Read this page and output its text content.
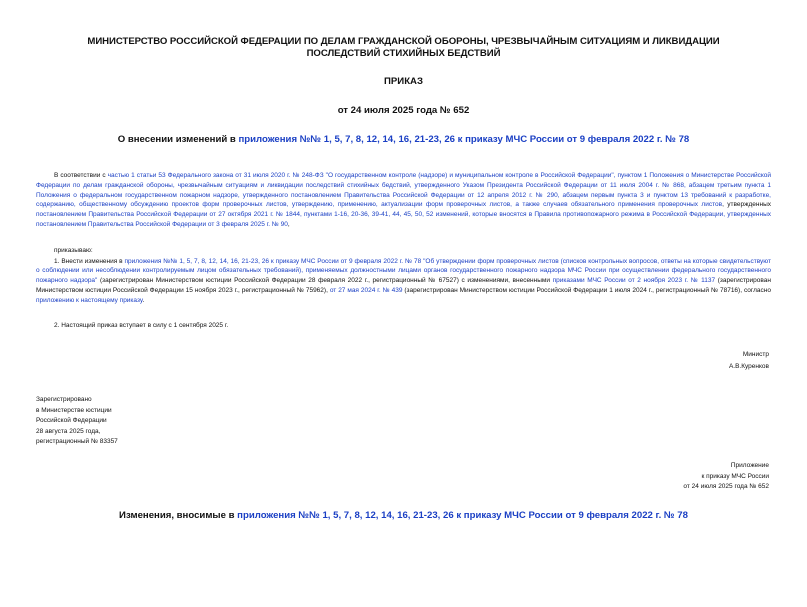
МИНИСТЕРСТВО РОССИЙСКОЙ ФЕДЕРАЦИИ ПО ДЕЛАМ ГРАЖДАНСКОЙ ОБОРОНЫ, ЧРЕЗВЫЧАЙНЫМ СИТУАЦИЯМ И ЛИКВИДАЦИИ ПОСЛЕДСТВИЙ СТИХИЙНЫХ БЕДСТВИЙ
ПРИКАЗ
от 24 июля 2025 года № 652
О внесении изменений в приложения №№ 1, 5, 7, 8, 12, 14, 16, 21-23, 26 к приказу МЧС России от 9 февраля 2022 г. № 78

В соответствии с частью 1 статьи 53 Федерального закона от 31 июля 2020 г. № 248-ФЗ "О государственном контроле (надзоре) и муниципальном контроле в Российской Федерации", пунктом 1 Положения о Министерстве Российской Федерации по делам гражданской обороны, чрезвычайным ситуациям и ликвидации последствий стихийных бедствий, утвержденного Указом Президента Российской Федерации от 11 июля 2004 г. № 868, абзацем третьим пункта 1 Положения о федеральном государственном пожарном надзоре, утвержденного постановлением Правительства Российской Федерации от 12 апреля 2012 г. № 290, абзацем первым пункта 3 и пунктом 13 требований к разработке, содержанию, общественному обсуждению проектов форм проверочных листов, утверждению, применению, актуализации форм проверочных листов, а также случаев обязательного применения проверочных листов, утвержденных постановлением Правительства Российской Федерации от 27 октября 2021 г. № 1844, пунктами 1-16, 20-36, 39-41, 44, 45, 50, 52 изменений, которые вносятся в Правила противопожарного режима в Российской Федерации, утвержденных постановлением Правительства Российской Федерации от 3 февраля 2025 г. № 90,

приказываю:

1. Внести изменения в приложения №№ 1, 5, 7, 8, 12, 14, 16, 21-23, 26 к приказу МЧС России от 9 февраля 2022 г. № 78 "Об утверждении форм проверочных листов (списков контрольных вопросов, ответы на которые свидетельствуют о соблюдении или несоблюдении контролируемым лицом обязательных требований), применяемых должностными лицами органов государственного пожарного надзора МЧС России при осуществлении федерального государственного пожарного надзора" (зарегистрирован Министерством юстиции Российской Федерации 28 февраля 2022 г., регистрационный № 67527) с изменениями, внесенными приказами МЧС России от 2 ноября 2023 г. № 1137 (зарегистрирован Министерством юстиции Российской Федерации 15 ноября 2023 г., регистрационный № 75962), от 27 мая 2024 г. № 439 (зарегистрирован Министерством юстиции Российской Федерации 1 июля 2024 г., регистрационный № 78716), согласно приложению к настоящему приказу.

2. Настоящий приказ вступает в силу с 1 сентября 2025 г.

Министр
А.В.Куренков
Зарегистрировано
в Министерстве юстиции
Российской Федерации
28 августа 2025 года,
регистрационный № 83357
Приложение
к приказу МЧС России
от 24 июля 2025 года № 652
Изменения, вносимые в приложения №№ 1, 5, 7, 8, 12, 14, 16, 21-23, 26 к приказу МЧС России от 9 февраля 2022 г. № 78
